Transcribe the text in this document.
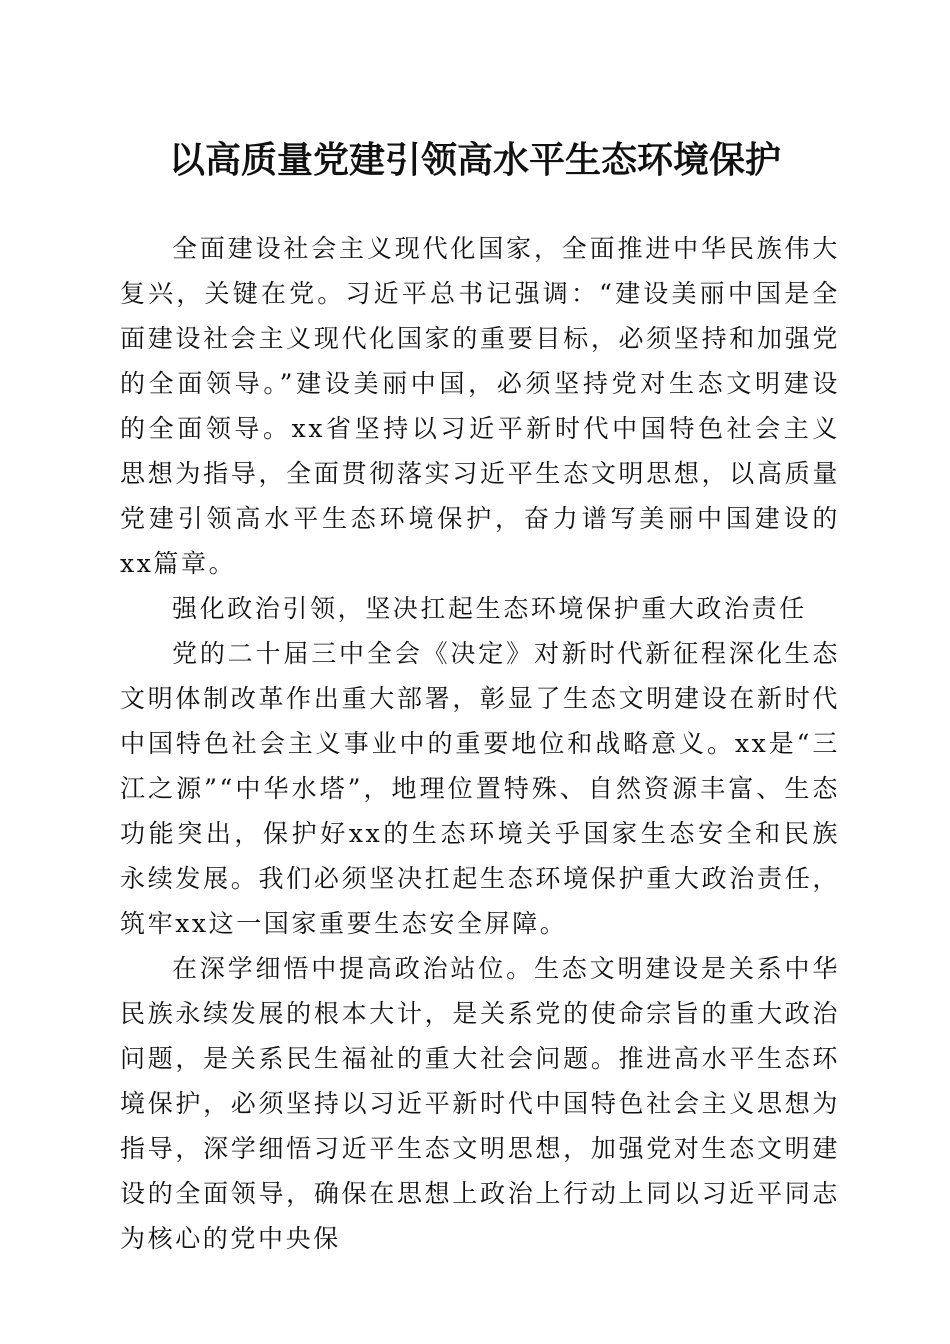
以高质量党建引领高水平生态环境保护

全面建设社会主义现代化国家，全面推进中华民族伟大复兴，关键在党。习近平总书记强调：“建设美丽中国是全面建设社会主义现代化国家的重要目标，必须坚持和加强党的全面领导。”建设美丽中国，必须坚持党对生态文明建设的全面领导。xx省坚持以习近平新时代中国特色社会主义思想为指导，全面贯彻落实习近平生态文明思想，以高质量党建引领高水平生态环境保护，奋力谱写美丽中国建设的xx篇章。

强化政治引领，坚决扛起生态环境保护重大政治责任

党的二十届三中全会《决定》对新时代新征程深化生态文明体制改革作出重大部署，彰显了生态文明建设在新时代中国特色社会主义事业中的重要地位和战略意义。xx是“三江之源”“中华水塔”，地理位置特殊、自然资源丰富、生态功能突出，保护好xx的生态环境关乎国家生态安全和民族永续发展。我们必须坚决扛起生态环境保护重大政治责任，筑牢xx这一国家重要生态安全屏障。

在深学细悟中提高政治站位。生态文明建设是关系中华民族永续发展的根本大计，是关系党的使命宗旨的重大政治问题，是关系民生福祉的重大社会问题。推进高水平生态环境保护，必须坚持以习近平新时代中国特色社会主义思想为指导，深学细悟习近平生态文明思想，加强党对生态文明建设的全面领导，确保在思想上政治上行动上同以习近平同志为核心的党中央保
